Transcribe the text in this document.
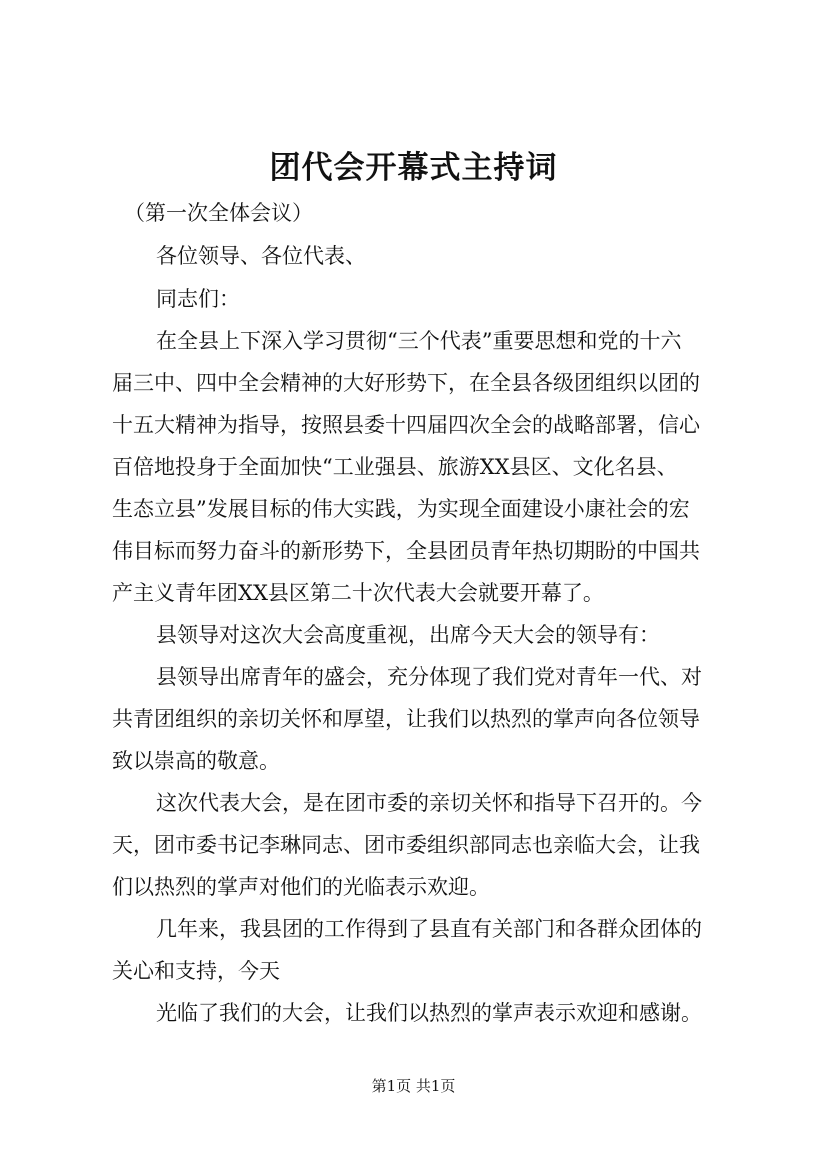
团代会开幕式主持词
（第一次全体会议）
各位领导、各位代表、
同志们：
在全县上下深入学习贯彻“三个代表”重要思想和党的十六
届三中、四中全会精神的大好形势下，在全县各级团组织以团的
十五大精神为指导，按照县委十四届四次全会的战略部署，信心
百倍地投身于全面加快“工业强县、旅游XX县区、文化名县、
生态立县”发展目标的伟大实践，为实现全面建设小康社会的宏
伟目标而努力奋斗的新形势下，全县团员青年热切期盼的中国共
产主义青年团XX县区第二十次代表大会就要开幕了。
县领导对这次大会高度重视，出席今天大会的领导有：
县领导出席青年的盛会，充分体现了我们党对青年一代、对
共青团组织的亲切关怀和厚望，让我们以热烈的掌声向各位领导
致以崇高的敬意。
这次代表大会，是在团市委的亲切关怀和指导下召开的。今
天，团市委书记李琳同志、团市委组织部同志也亲临大会，让我
们以热烈的掌声对他们的光临表示欢迎。
几年来，我县团的工作得到了县直有关部门和各群众团体的
关心和支持，今天
光临了我们的大会，让我们以热烈的掌声表示欢迎和感谢。
第1页 共1页
